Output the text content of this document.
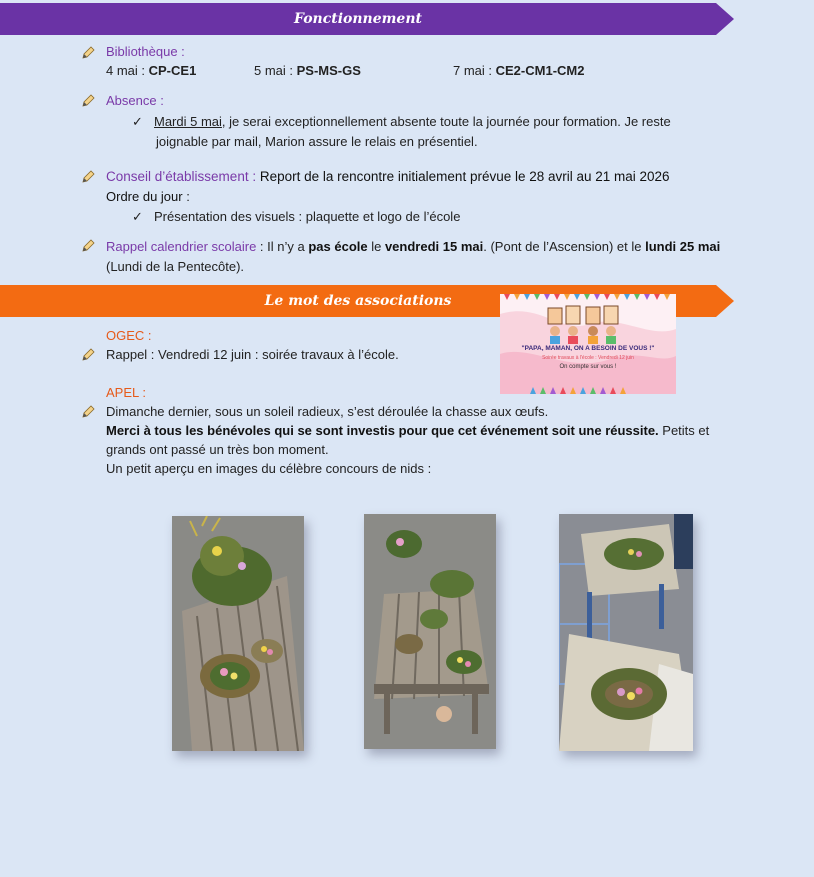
Fonctionnement
Bibliothèque :
4 mai : CP-CE1	5 mai : PS-MS-GS	7 mai : CE2-CM1-CM2
Absence :
✓ Mardi 5 mai, je serai exceptionnellement absente toute la journée pour formation. Je reste
joignable par mail, Marion assure le relais en présentiel.
Conseil d’établissement : Report de la rencontre initialement prévue le 28 avril au 21 mai 2026
Ordre du jour :
✓ Présentation des visuels : plaquette et logo de l’école
Rappel calendrier scolaire : Il n’y a pas école le vendredi 15 mai. (Pont de l’Ascension) et le lundi 25 mai
(Lundi de la Pentecôte).
Le mot des associations
"PAPA, MAMAN, ON A BESOIN DE VOUS !"
Soirée travaux à l'école : Vendredi 12 juin
On compte sur vous !
OGEC :
Rappel : Vendredi 12 juin : soirée travaux à l’école.
APEL :
Dimanche dernier, sous un soleil radieux, s’est déroulée la chasse aux œufs.
Merci à tous les bénévoles qui se sont investis pour que cet événement soit une réussite. Petits et
grands ont passé un très bon moment.
Un petit aperçu en images du célèbre concours de nids :
